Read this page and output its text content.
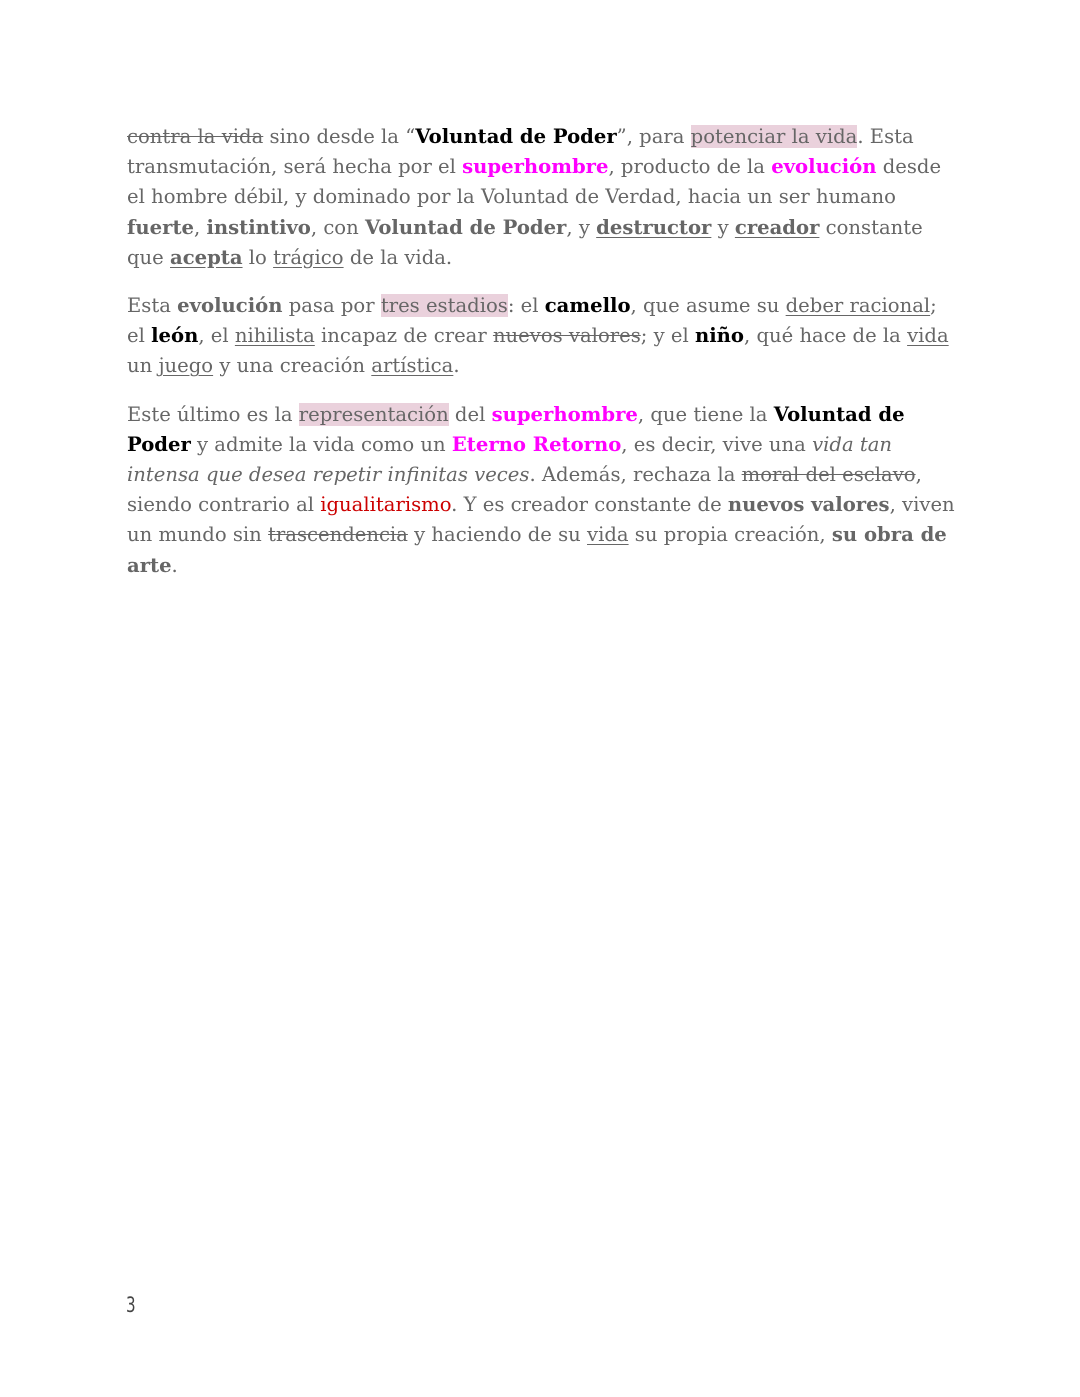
contra la vida sino desde la “Voluntad de Poder”, para potenciar la vida. Esta transmutación, será hecha por el superhombre, producto de la evolución desde el hombre débil, y dominado por la Voluntad de Verdad, hacia un ser humano fuerte, instintivo, con Voluntad de Poder, y destructor y creador constante que acepta lo trágico de la vida.

Esta evolución pasa por tres estadios: el camello, que asume su deber racional; el león, el nihilista incapaz de crear nuevos valores; y el niño, qué hace de la vida un juego y una creación artística.

Este último es la representación del superhombre, que tiene la Voluntad de Poder y admite la vida como un Eterno Retorno, es decir, vive una vida tan intensa que desea repetir infinitas veces. Además, rechaza la moral del esclavo, siendo contrario al igualitarismo. Y es creador constante de nuevos valores, viven un mundo sin trascendencia y haciendo de su vida su propia creación, su obra de arte.

3
